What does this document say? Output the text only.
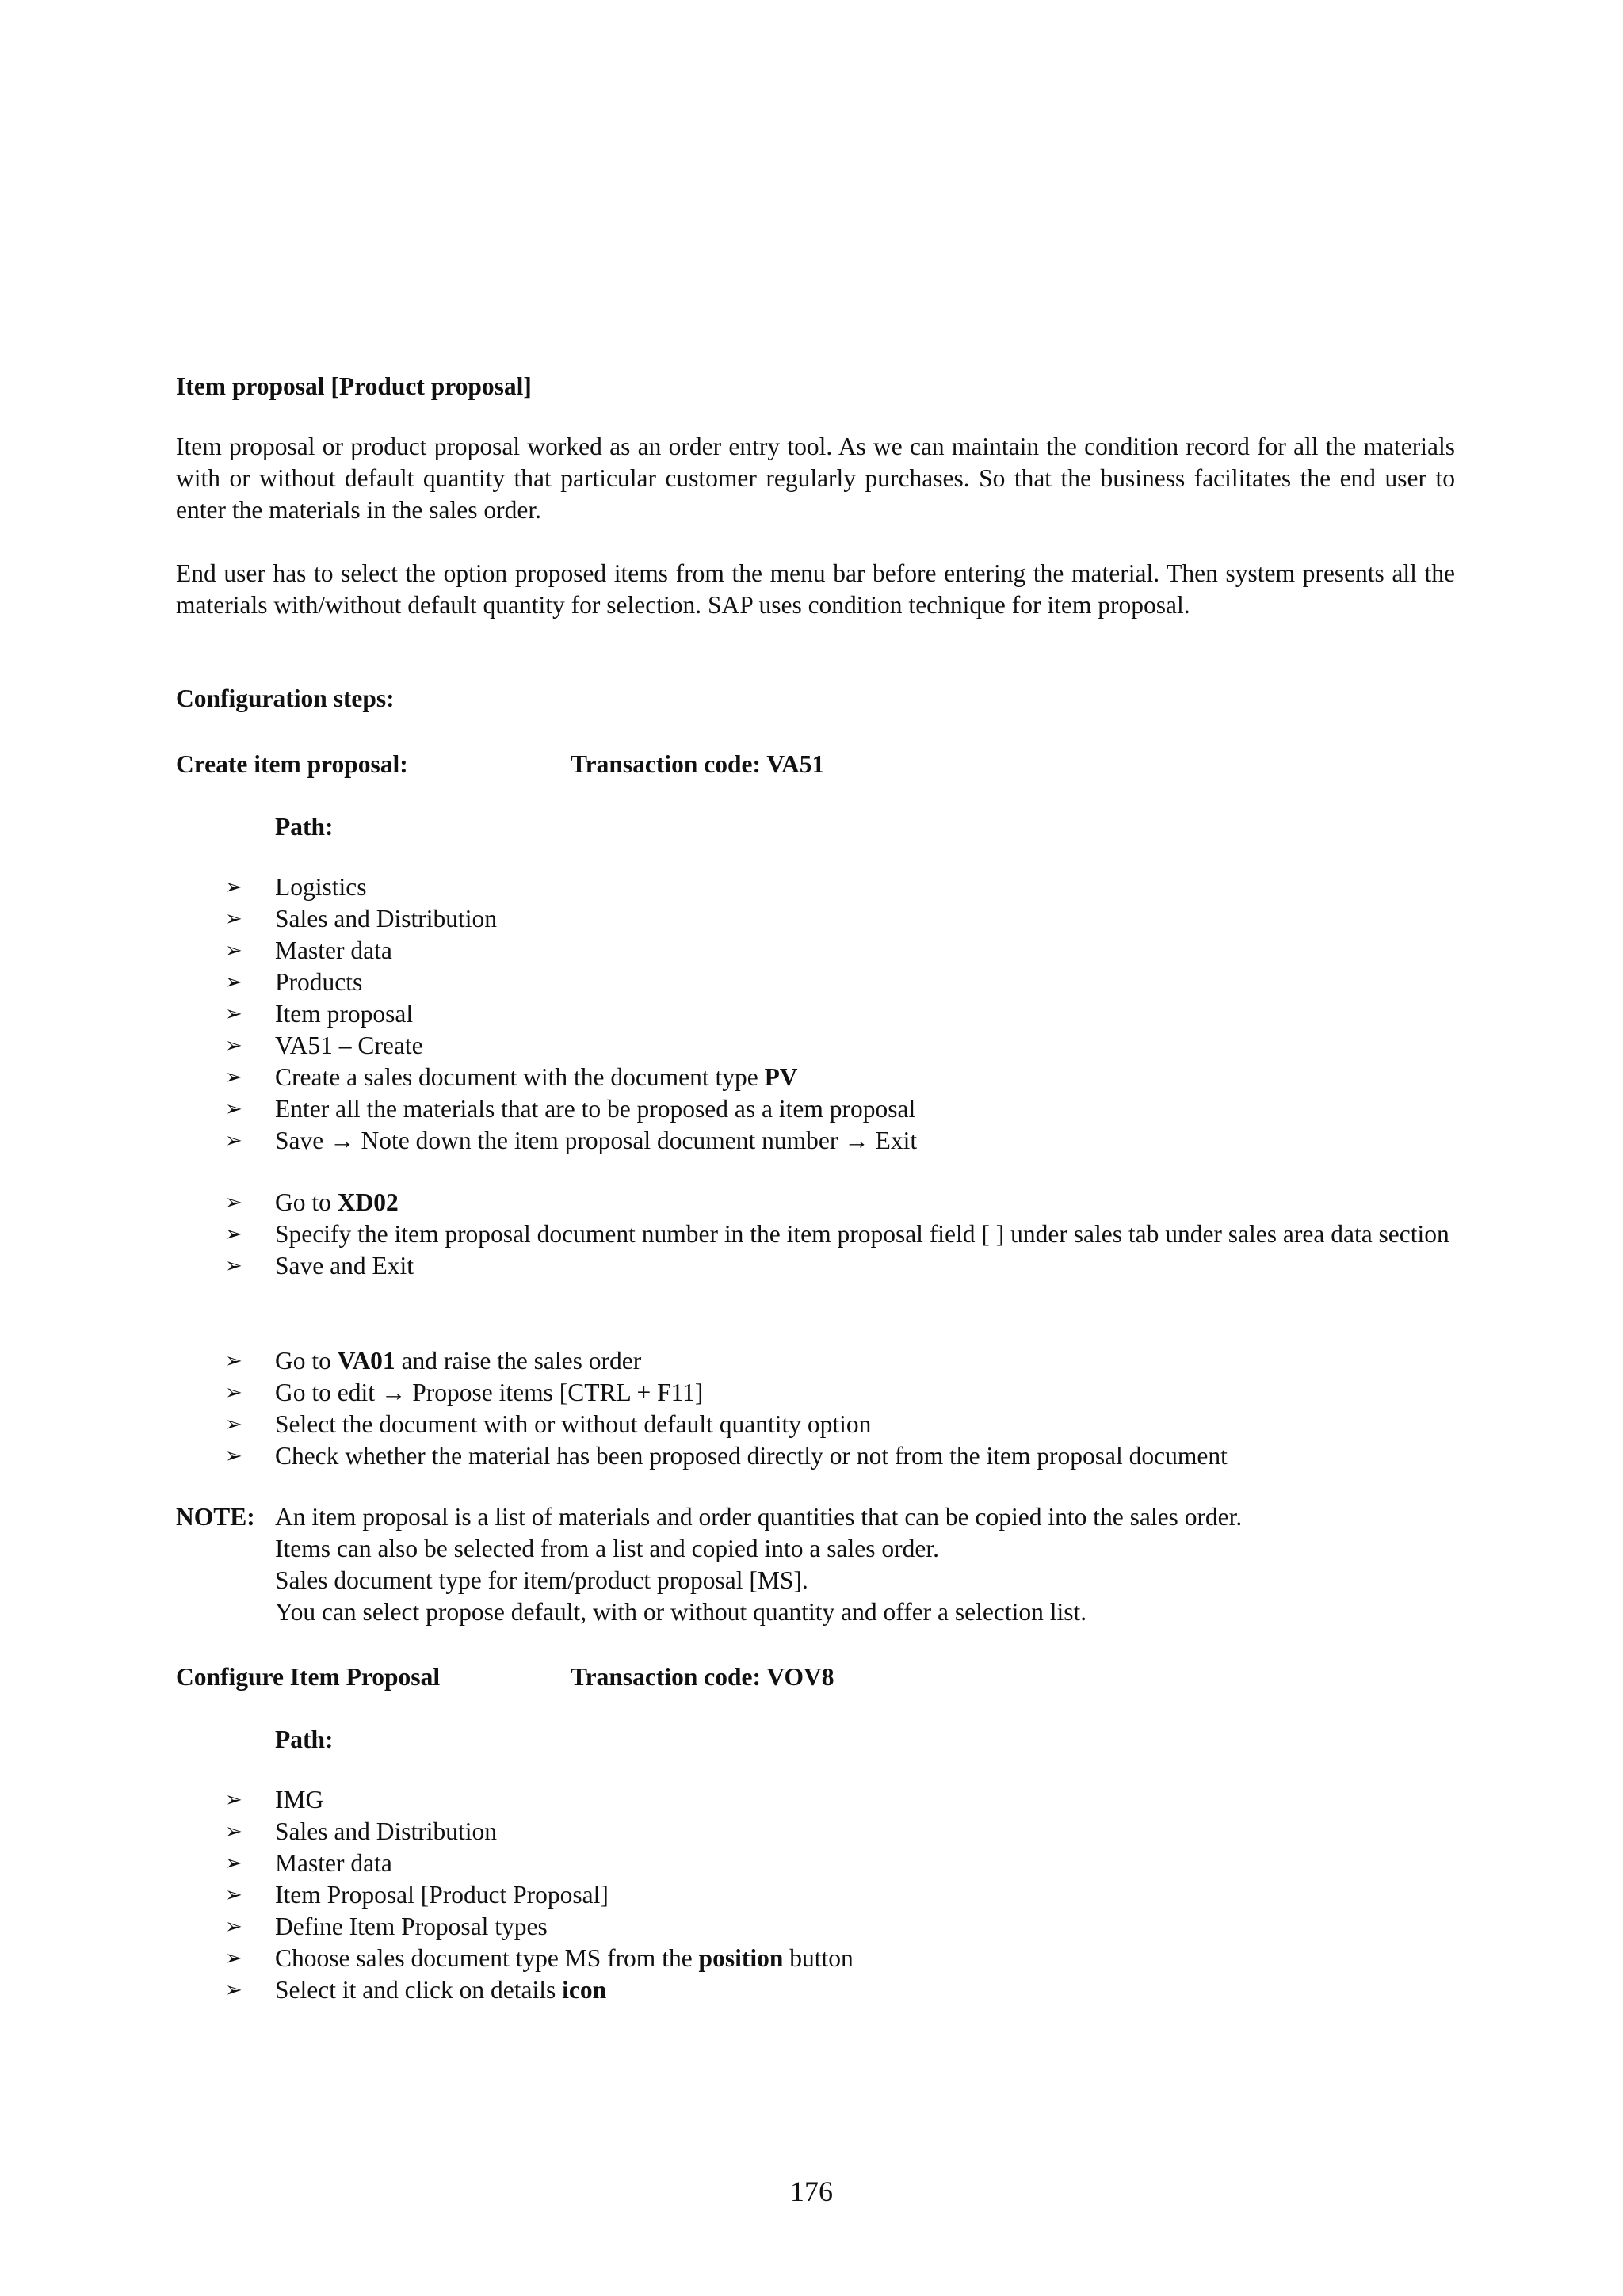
Item proposal [Product proposal]
Item proposal or product proposal worked as an order entry tool. As we can maintain the condition record for all the materials with or without default quantity that particular customer regularly purchases. So that the business facilitates the end user to enter the materials in the sales order.
End user has to select the option proposed items from the menu bar before entering the material. Then system presents all the materials with/without default quantity for selection. SAP uses condition technique for item proposal.
Configuration steps:
Create item proposal:	Transaction code: VA51
Path:
➢ Logistics
➢ Sales and Distribution
➢ Master data
➢ Products
➢ Item proposal
➢ VA51 – Create
➢ Create a sales document with the document type PV
➢ Enter all the materials that are to be proposed as a item proposal
➢ Save → Note down the item proposal document number → Exit
➢ Go to XD02
➢ Specify the item proposal document number in the item proposal field [ ] under sales tab under sales area data section
➢ Save and Exit
➢ Go to VA01 and raise the sales order
➢ Go to edit → Propose items [CTRL + F11]
➢ Select the document with or without default quantity option
➢ Check whether the material has been proposed directly or not from the item proposal document
NOTE: An item proposal is a list of materials and order quantities that can be copied into the sales order.
Items can also be selected from a list and copied into a sales order.
Sales document type for item/product proposal [MS].
You can select propose default, with or without quantity and offer a selection list.
Configure Item Proposal	Transaction code: VOV8
Path:
➢ IMG
➢ Sales and Distribution
➢ Master data
➢ Item Proposal [Product Proposal]
➢ Define Item Proposal types
➢ Choose sales document type MS from the position button
➢ Select it and click on details icon
176
